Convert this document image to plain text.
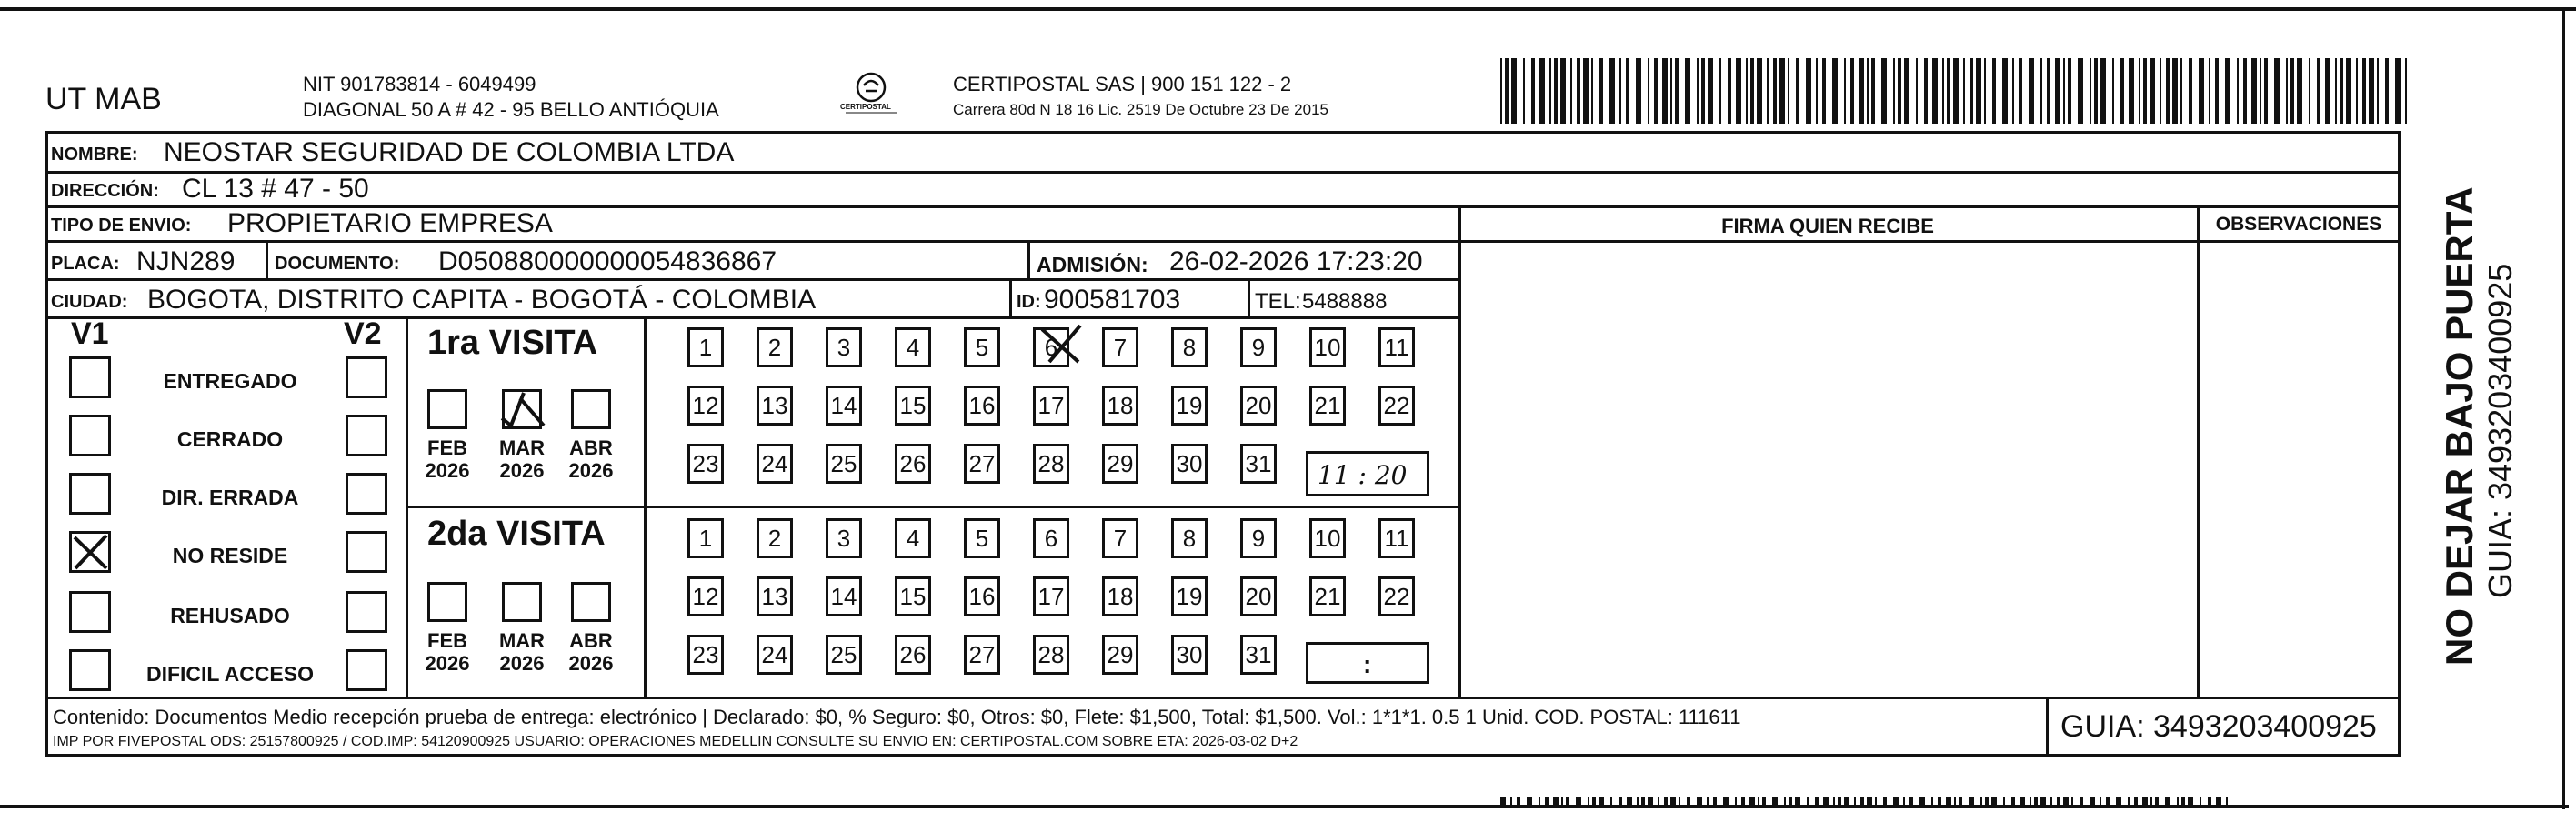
UT MAB	NIT 901783814 - 6049499
DIAGONAL 50 A # 42 - 95 BELLO ANTIÓQUIA	CERTIPOSTAL
CERTIPOSTAL SAS | 900 151 122 - 2
Carrera 80d N 18 16 Lic. 2519 De Octubre 23 De 2015
NOMBRE: NEOSTAR SEGURIDAD DE COLOMBIA LTDA
DIRECCIÓN: CL 13 # 47 - 50
TIPO DE ENVIO: PROPIETARIO EMPRESA	FIRMA QUIEN RECIBE	OBSERVACIONES
PLACA: NJN289 DOCUMENTO: D050880000000054836867	ADMISIÓN: 26-02-2026 17:23:20
CIUDAD: BOGOTA, DISTRITO CAPITA - BOGOTÁ - COLOMBIA	ID: 900581703	TEL: 5488888
V1	V2
ENTREGADO
CERRADO
DIR. ERRADA
NO RESIDE
REHUSADO
DIFICIL ACCESO
1ra VISITA
FEB
2026
MAR
2026
ABR
2026
1	2	3	4	5	6	7	8	9	10 11
12 13 14 15 16 17 18 19 20 21 22
23 24 25 26 27 28 29 30 31 11 : 20
2da VISITA
FEB
2026
MAR
2026
ABR
2026
1	2	3	4	5	6	7	8	9	10 11
12 13 14 15 16 17 18 19 20 21 22
23 24 25 26 27 28 29 30 31	:
Contenido: Documentos Medio recepción prueba de entrega: electrónico | Declarado: $0, % Seguro: $0, Otros: $0, Flete: $1,500, Total: $1,500. Vol.: 1*1*1. 0.5 1 Unid. COD. POSTAL: 111611
IMP POR FIVEPOSTAL ODS: 25157800925 / COD.IMP: 54120900925 USUARIO: OPERACIONES MEDELLIN CONSULTE SU ENVIO EN: CERTIPOSTAL.COM SOBRE ETA: 2026-03-02 D+2	GUIA: 3493203400925
NO DEJAR BAJO PUERTA GUIA: 3493203400925
